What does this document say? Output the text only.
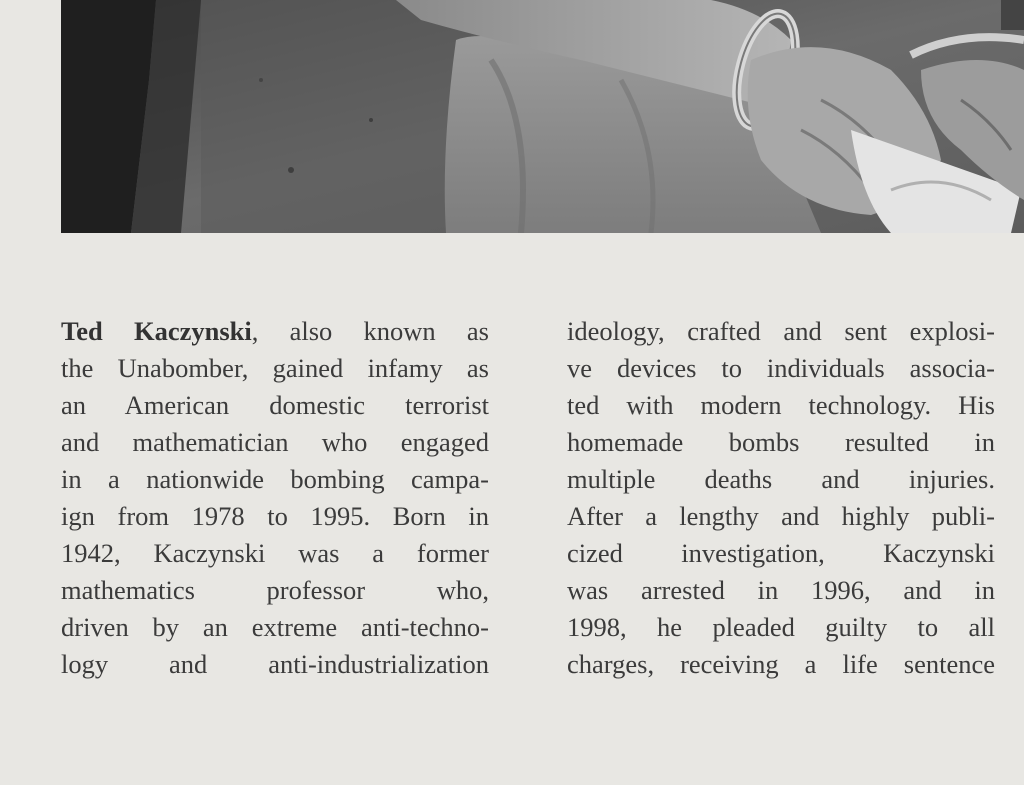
Ted Kaczynski, also known as
the Unabomber, gained infamy as
an American domestic terrorist
and mathematician who engaged
in a nationwide bombing campa-
ign from 1978 to 1995. Born in
1942, Kaczynski was a former
mathematics professor who,
driven by an extreme anti-techno-
logy and anti-industrialization
ideology, crafted and sent explosi-
ve devices to individuals associa-
ted with modern technology. His
homemade bombs resulted in
multiple deaths and injuries.
After a lengthy and highly publi-
cized investigation, Kaczynski
was arrested in 1996, and in
1998, he pleaded guilty to all
charges, receiving a life sentence
